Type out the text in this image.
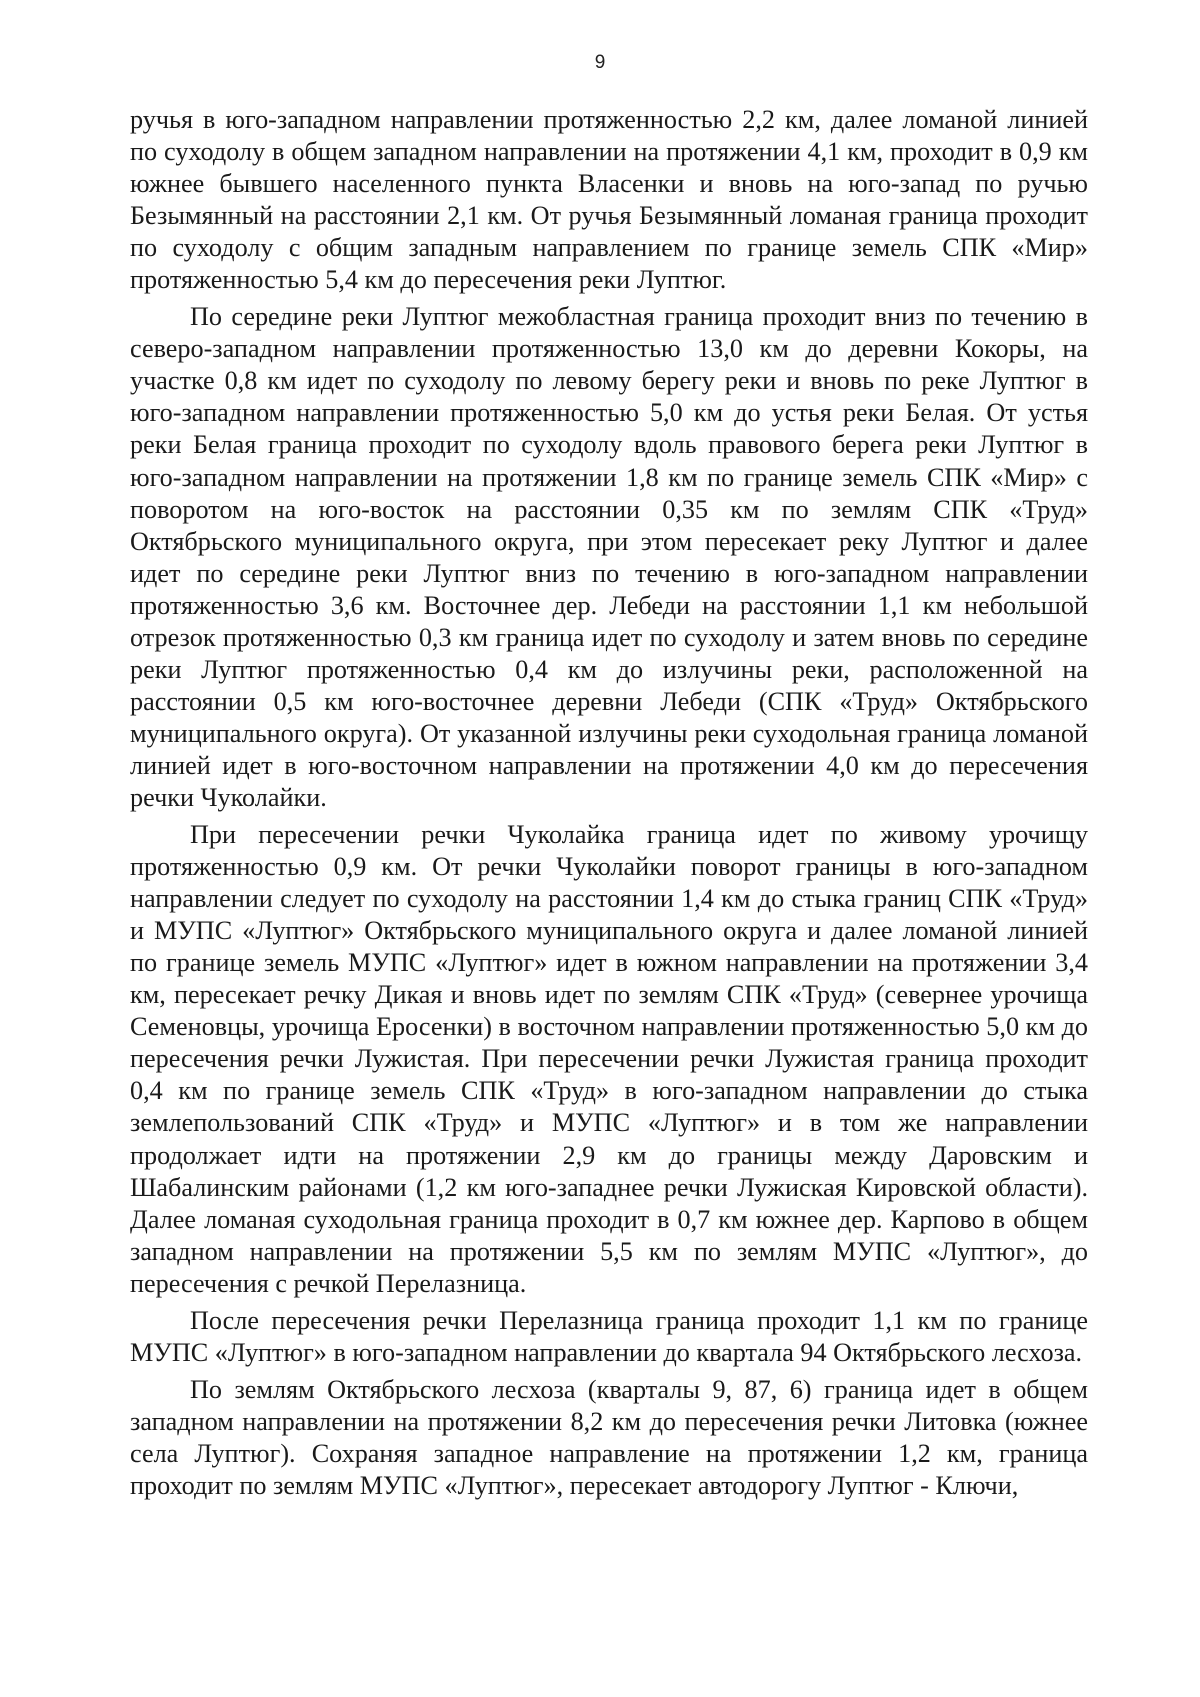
9

ручья в юго-западном направлении протяженностью 2,2 км, далее ломаной линией по суходолу в общем западном направлении на протяжении 4,1 км, проходит в 0,9 км южнее бывшего населенного пункта Власенки и вновь на юго-запад по ручью Безымянный на расстоянии 2,1 км. От ручья Безымянный ломаная граница проходит по суходолу с общим западным направлением по границе земель СПК «Мир» протяженностью 5,4 км до пересечения реки Луптюг.

По середине реки Луптюг межобластная граница проходит вниз по течению в северо-западном направлении протяженностью 13,0 км до деревни Кокоры, на участке 0,8 км идет по суходолу по левому берегу реки и вновь по реке Луптюг в юго-западном направлении протяженностью 5,0 км до устья реки Белая. От устья реки Белая граница проходит по суходолу вдоль правового берега реки Луптюг в юго-западном направлении на протяжении 1,8 км по границе земель СПК «Мир» с поворотом на юго-восток на расстоянии 0,35 км по землям СПК «Труд» Октябрьского муниципального округа, при этом пересекает реку Луптюг и далее идет по середине реки Луптюг вниз по течению в юго-западном направлении протяженностью 3,6 км. Восточнее дер. Лебеди на расстоянии 1,1 км небольшой отрезок протяженностью 0,3 км граница идет по суходолу и затем вновь по середине реки Луптюг протяженностью 0,4 км до излучины реки, расположенной на расстоянии 0,5 км юго-восточнее деревни Лебеди (СПК «Труд» Октябрьского муниципального округа). От указанной излучины реки суходольная граница ломаной линией идет в юго-восточном направлении на протяжении 4,0 км до пересечения речки Чуколайки.

При пересечении речки Чуколайка граница идет по живому урочищу протяженностью 0,9 км. От речки Чуколайки поворот границы в юго-западном направлении следует по суходолу на расстоянии 1,4 км до стыка границ СПК «Труд» и МУПС «Луптюг» Октябрьского муниципального округа и далее ломаной линией по границе земель МУПС «Луптюг» идет в южном направлении на протяжении 3,4 км, пересекает речку Дикая и вновь идет по землям СПК «Труд» (севернее урочища Семеновцы, урочища Еросенки) в восточном направлении протяженностью 5,0 км до пересечения речки Лужистая. При пересечении речки Лужистая граница проходит 0,4 км по границе земель СПК «Труд» в юго-западном направлении до стыка землепользований СПК «Труд» и МУПС «Луптюг» и в том же направлении продолжает идти на протяжении 2,9 км до границы между Даровским и Шабалинским районами (1,2 км юго-западнее речки Лужиская Кировской области). Далее ломаная суходольная граница проходит в 0,7 км южнее дер. Карпово в общем западном направлении на протяжении 5,5 км по землям МУПС «Луптюг», до пересечения с речкой Перелазница.

После пересечения речки Перелазница граница проходит 1,1 км по границе МУПС «Луптюг» в юго-западном направлении до квартала 94 Октябрьского лесхоза.

По землям Октябрьского лесхоза (кварталы 9, 87, 6) граница идет в общем западном направлении на протяжении 8,2 км до пересечения речки Литовка (южнее села Луптюг). Сохраняя западное направление на протяжении 1,2 км, граница проходит по землям МУПС «Луптюг», пересекает автодорогу Луптюг - Ключи,
